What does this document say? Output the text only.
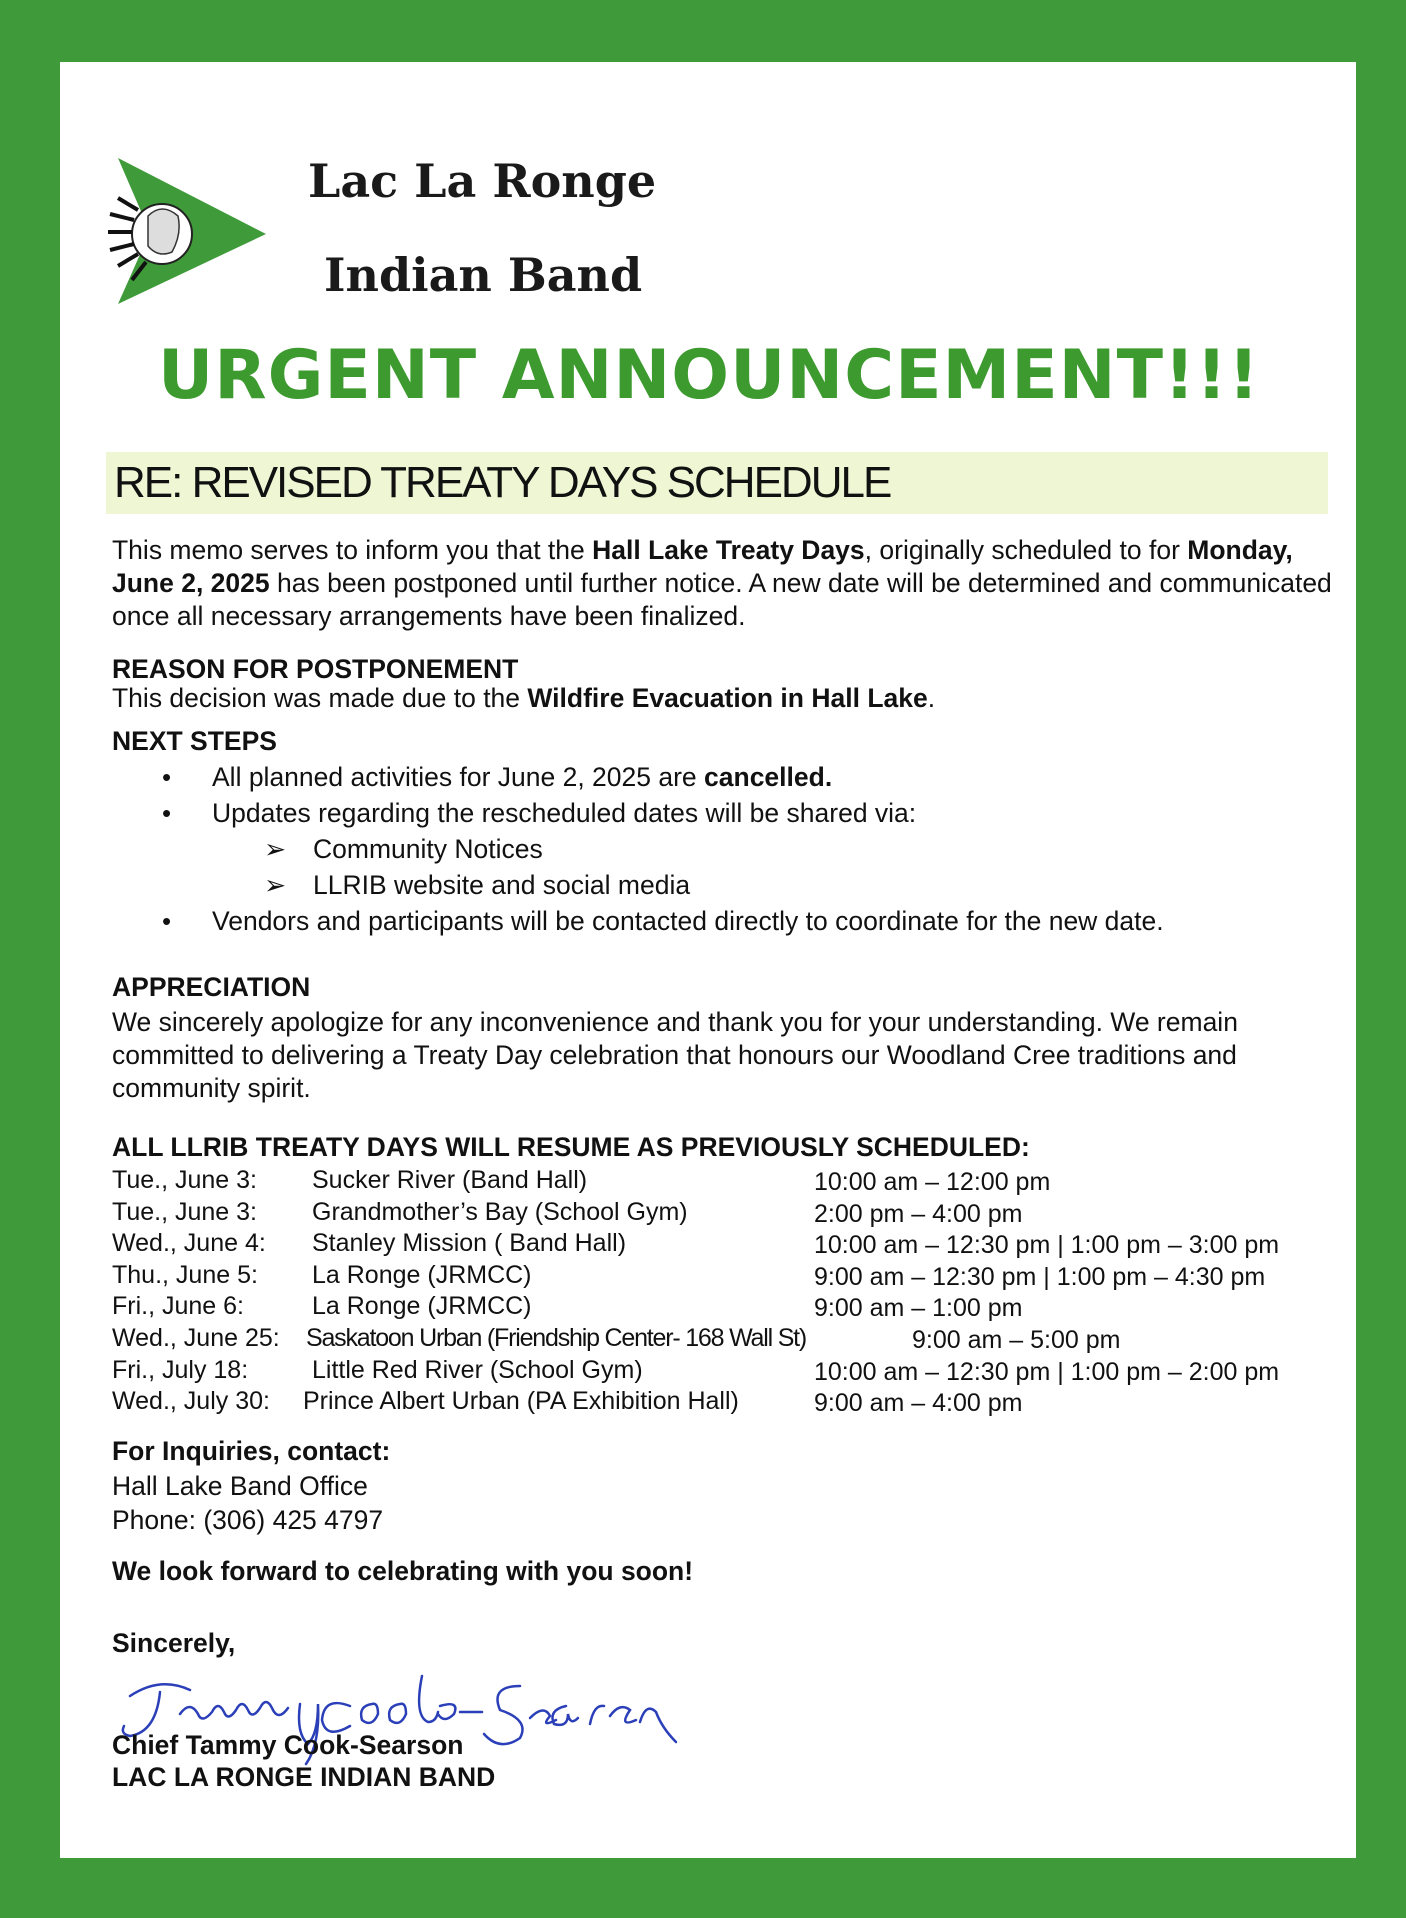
Lac La Ronge
Indian Band
URGENT ANNOUNCEMENT!!!
RE: REVISED TREATY DAYS SCHEDULE
This memo serves to inform you that the Hall Lake Treaty Days, originally scheduled to for Monday, June 2, 2025 has been postponed until further notice. A new date will be determined and communicated once all necessary arrangements have been finalized.
REASON FOR POSTPONEMENT
This decision was made due to the Wildfire Evacuation in Hall Lake.
NEXT STEPS
• All planned activities for June 2, 2025 are cancelled.
• Updates regarding the rescheduled dates will be shared via:
➢ Community Notices
➢ LLRIB website and social media
• Vendors and participants will be contacted directly to coordinate for the new date.
APPRECIATION
We sincerely apologize for any inconvenience and thank you for your understanding. We remain committed to delivering a Treaty Day celebration that honours our Woodland Cree traditions and community spirit.
ALL LLRIB TREATY DAYS WILL RESUME AS PREVIOUSLY SCHEDULED:
Tue., June 3: Sucker River (Band Hall)	10:00 am – 12:00 pm
Tue., June 3: Grandmother’s Bay (School Gym)	2:00 pm – 4:00 pm
Wed., June 4: Stanley Mission ( Band Hall)	10:00 am – 12:30 pm | 1:00 pm – 3:00 pm
Thu., June 5: La Ronge (JRMCC)	9:00 am – 12:30 pm | 1:00 pm – 4:30 pm
Fri., June 6:	La Ronge (JRMCC)	9:00 am – 1:00 pm
Wed., June 25: Saskatoon Urban (Friendship Center- 168 Wall St)	9:00 am – 5:00 pm
Fri., July 18:	Little Red River (School Gym)	10:00 am – 12:30 pm | 1:00 pm – 2:00 pm
Wed., July 30: Prince Albert Urban (PA Exhibition Hall)	9:00 am – 4:00 pm
For Inquiries, contact:
Hall Lake Band Office
Phone: (306) 425 4797
We look forward to celebrating with you soon!
Sincerely,
Chief Tammy Cook-Searson
LAC LA RONGE INDIAN BAND
